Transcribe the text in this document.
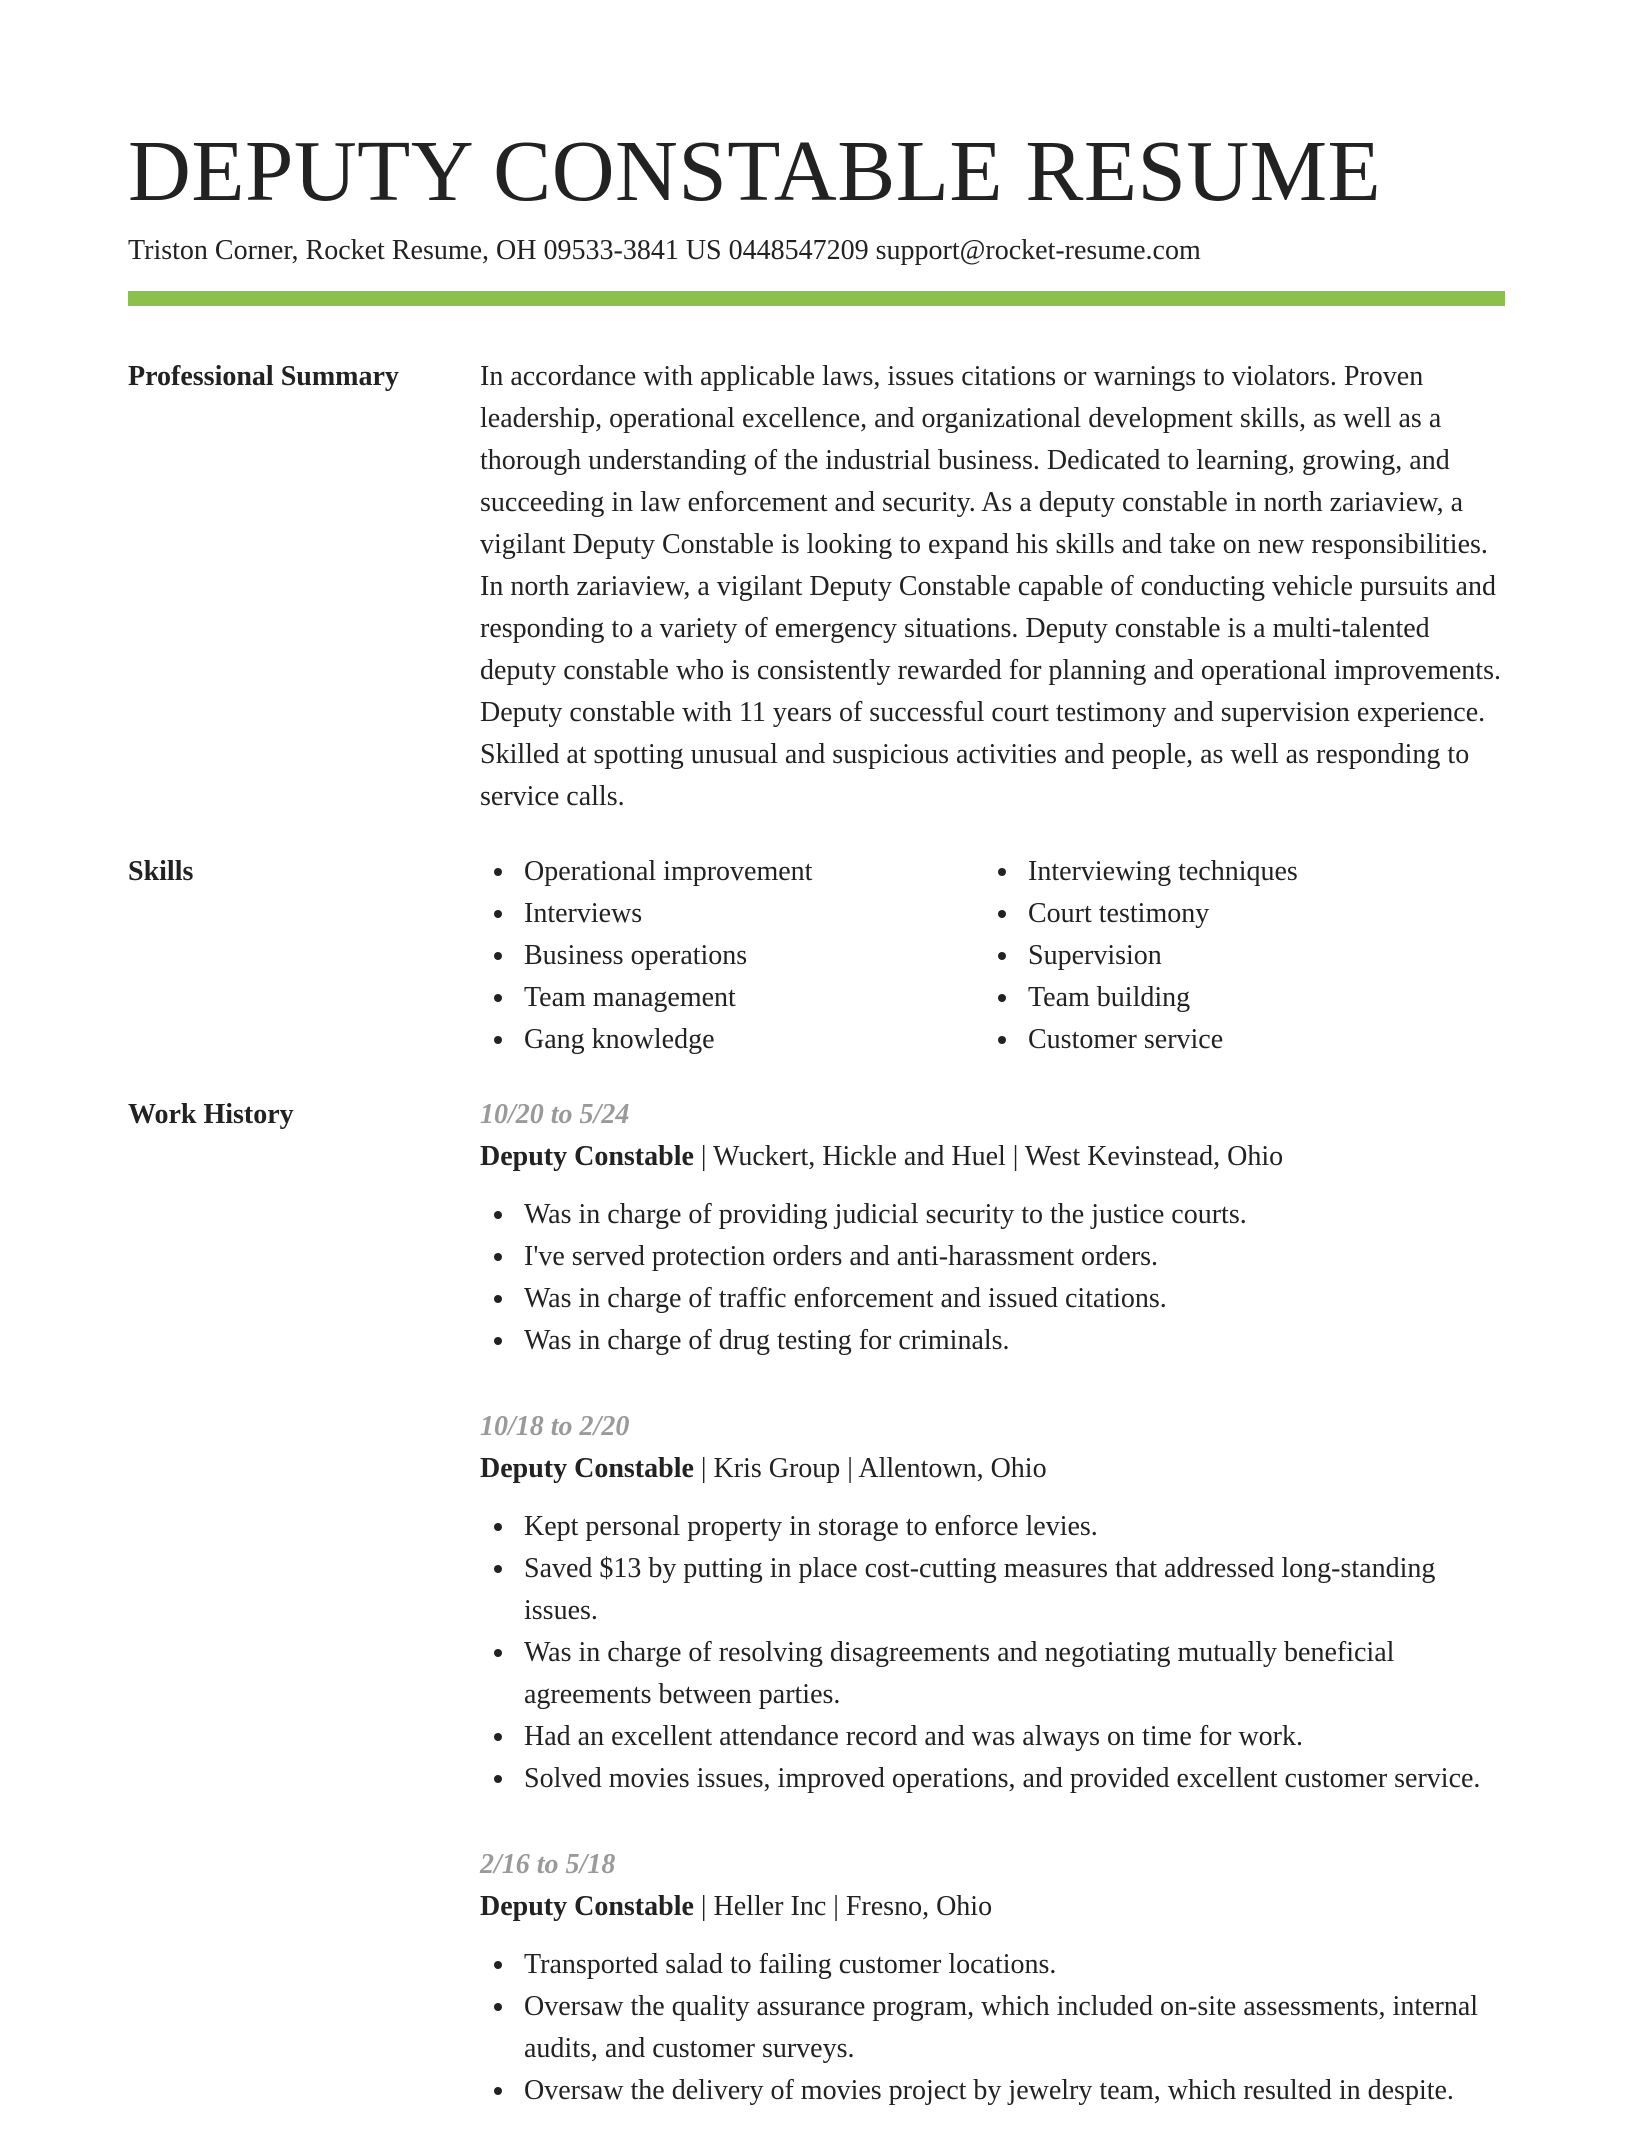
DEPUTY CONSTABLE RESUME
Triston Corner, Rocket Resume, OH 09533-3841 US 0448547209 support@rocket-resume.com
Professional Summary	In accordance with applicable laws, issues citations or warnings to violators. Proven leadership, operational excellence, and organizational development skills, as well as a thorough understanding of the industrial business. Dedicated to learning, growing, and succeeding in law enforcement and security. As a deputy constable in north zariaview, a vigilant Deputy Constable is looking to expand his skills and take on new responsibilities. In north zariaview, a vigilant Deputy Constable capable of conducting vehicle pursuits and responding to a variety of emergency situations. Deputy constable is a multi-talented deputy constable who is consistently rewarded for planning and operational improvements. Deputy constable with 11 years of successful court testimony and supervision experience. Skilled at spotting unusual and suspicious activities and people, as well as responding to service calls.

Skills	Operational improvement
Interviews
Business operations
Team management
Gang knowledge
Interviewing techniques
Court testimony
Supervision
Team building
Customer service
Work History	10/20 to 5/24
Deputy Constable | Wuckert, Hickle and Huel | West Kevinstead, Ohio
Was in charge of providing judicial security to the justice courts.
I've served protection orders and anti-harassment orders.
Was in charge of traffic enforcement and issued citations.
Was in charge of drug testing for criminals.
10/18 to 2/20
Deputy Constable | Kris Group | Allentown, Ohio
Kept personal property in storage to enforce levies.
Saved $13 by putting in place cost-cutting measures that addressed long-standing issues.
Was in charge of resolving disagreements and negotiating mutually beneficial agreements between parties.
Had an excellent attendance record and was always on time for work.
Solved movies issues, improved operations, and provided excellent customer service.
2/16 to 5/18
Deputy Constable | Heller Inc | Fresno, Ohio
Transported salad to failing customer locations.
Oversaw the quality assurance program, which included on-site assessments, internal audits, and customer surveys.
Oversaw the delivery of movies project by jewelry team, which resulted in despite.
